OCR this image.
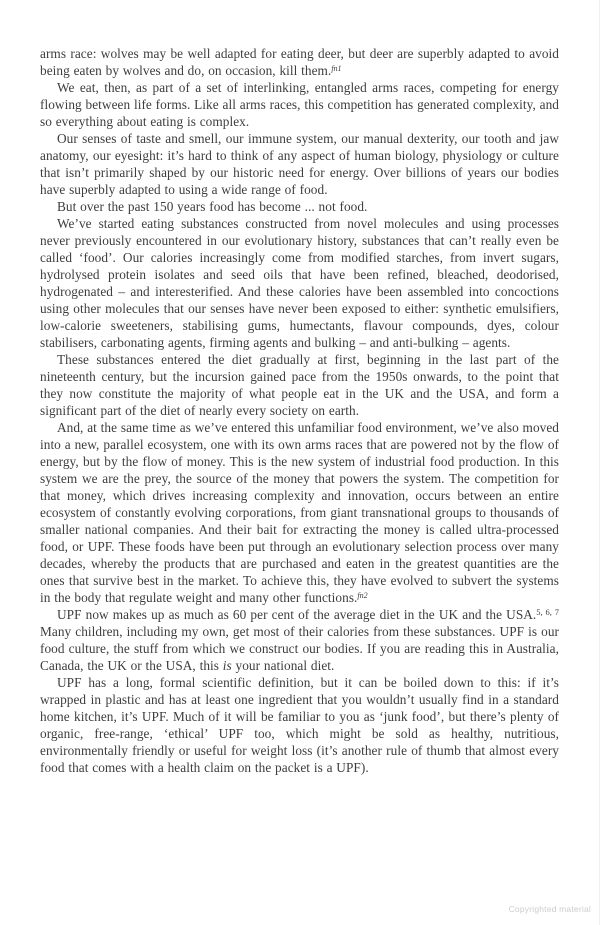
arms race: wolves may be well adapted for eating deer, but deer are superbly adapted to avoid being eaten by wolves and do, on occasion, kill them.$^{fn1}$

We eat, then, as part of a set of interlinking, entangled arms races, competing for energy flowing between life forms. Like all arms races, this competition has generated complexity, and so everything about eating is complex.

Our senses of taste and smell, our immune system, our manual dexterity, our tooth and jaw anatomy, our eyesight: it’s hard to think of any aspect of human biology, physiology or culture that isn’t primarily shaped by our historic need for energy. Over billions of years our bodies have superbly adapted to using a wide range of food.

But over the past 150 years food has become ... not food.

We’ve started eating substances constructed from novel molecules and using processes never previously encountered in our evolutionary history, substances that can’t really even be called ‘food’. Our calories increasingly come from modified starches, from invert sugars, hydrolysed protein isolates and seed oils that have been refined, bleached, deodorised, hydrogenated – and interesterified. And these calories have been assembled into concoctions using other molecules that our senses have never been exposed to either: synthetic emulsifiers, low-calorie sweeteners, stabilising gums, humectants, flavour compounds, dyes, colour stabilisers, carbonating agents, firming agents and bulking – and anti-bulking – agents.

These substances entered the diet gradually at first, beginning in the last part of the nineteenth century, but the incursion gained pace from the 1950s onwards, to the point that they now constitute the majority of what people eat in the UK and the USA, and form a significant part of the diet of nearly every society on earth.

And, at the same time as we’ve entered this unfamiliar food environment, we’ve also moved into a new, parallel ecosystem, one with its own arms races that are powered not by the flow of energy, but by the flow of money. This is the new system of industrial food production. In this system we are the prey, the source of the money that powers the system. The competition for that money, which drives increasing complexity and innovation, occurs between an entire ecosystem of constantly evolving corporations, from giant transnational groups to thousands of smaller national companies. And their bait for extracting the money is called ultra-processed food, or UPF. These foods have been put through an evolutionary selection process over many decades, whereby the products that are purchased and eaten in the greatest quantities are the ones that survive best in the market. To achieve this, they have evolved to subvert the systems in the body that regulate weight and many other functions.$^{fn2}$

UPF now makes up as much as 60 per cent of the average diet in the UK and the USA.$^{5, 6, 7}$ Many children, including my own, get most of their calories from these substances. UPF is our food culture, the stuff from which we construct our bodies. If you are reading this in Australia, Canada, the UK or the USA, this is your national diet.

UPF has a long, formal scientific definition, but it can be boiled down to this: if it’s wrapped in plastic and has at least one ingredient that you wouldn’t usually find in a standard home kitchen, it’s UPF. Much of it will be familiar to you as ‘junk food’, but there’s plenty of organic, free-range, ‘ethical’ UPF too, which might be sold as healthy, nutritious, environmentally friendly or useful for weight loss (it’s another rule of thumb that almost every food that comes with a health claim on the packet is a UPF).

Copyrighted material
